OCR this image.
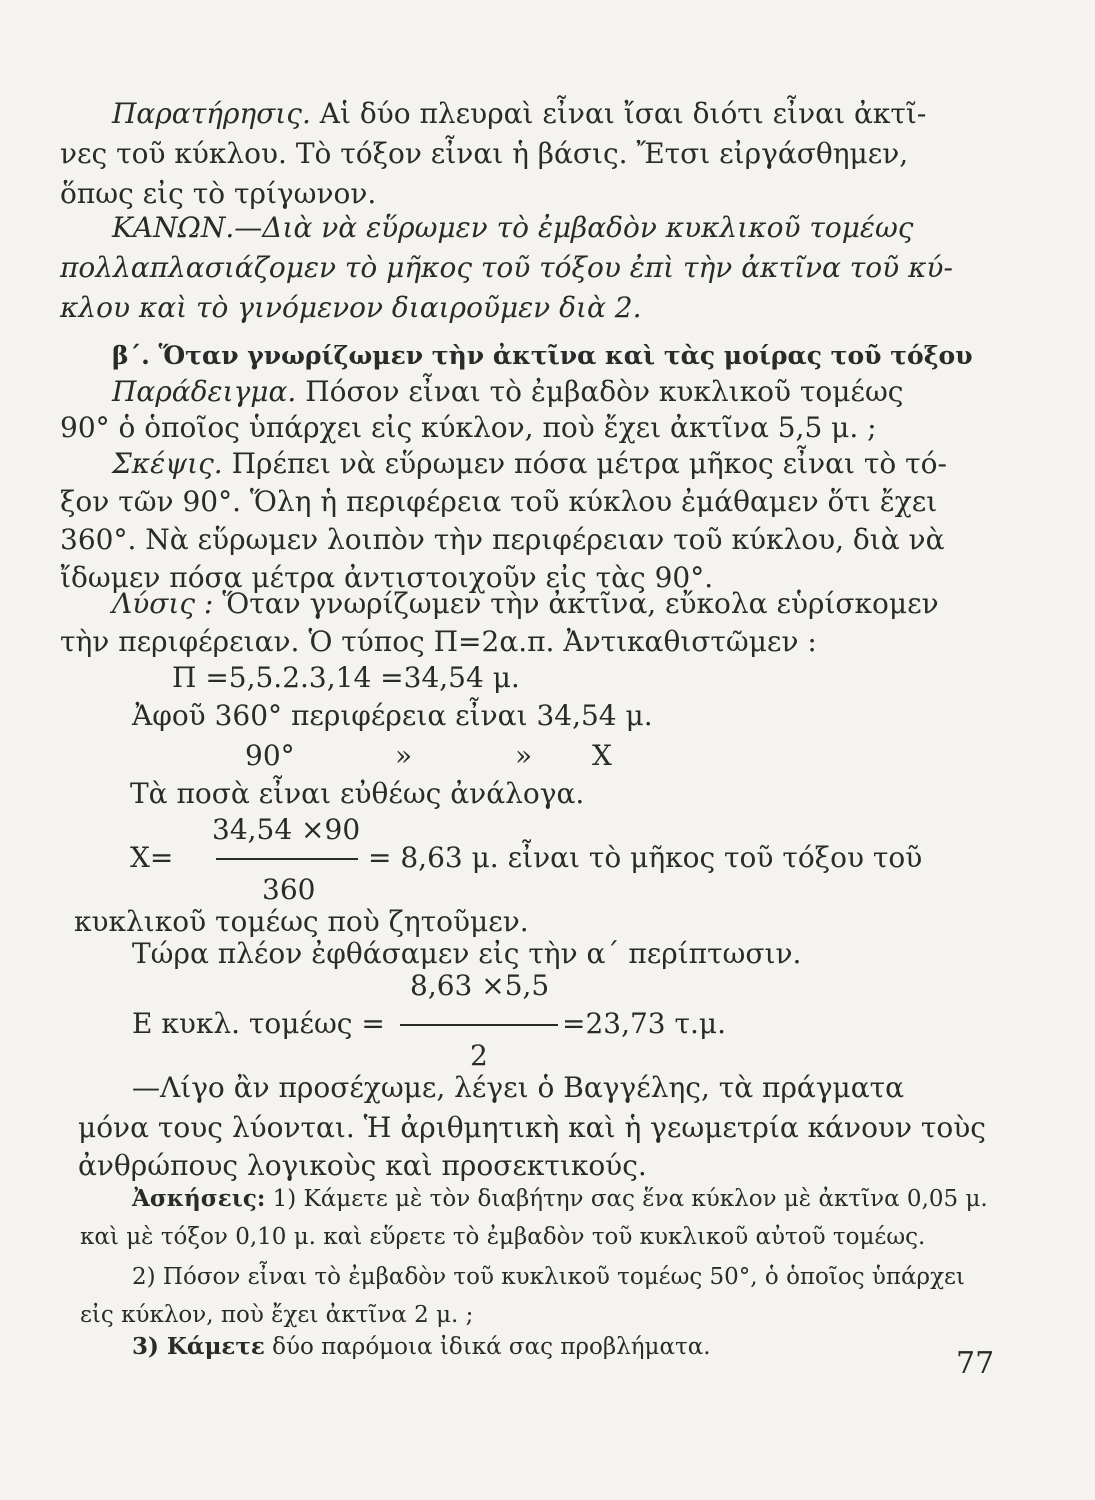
Παρατήρησις. Αἱ δύο πλευραὶ εἶναι ἴσαι διότι εἶναι ἀκτῖ-
νες τοῦ κύκλου. Τὸ τόξον εἶναι ἡ βάσις. Ἔτσι εἰργάσθημεν,
ὅπως εἰς τὸ τρίγωνον.
ΚΑΝΩΝ.—Διὰ νὰ εὕρωμεν τὸ ἐμβαδὸν κυκλικοῦ τομέως
πολλαπλασιάζομεν τὸ μῆκος τοῦ τόξου ἐπὶ τὴν ἀκτῖνα τοῦ κύ-
κλου καὶ τὸ γινόμενον διαιροῦμεν διὰ 2.
β΄. Ὅταν γνωρίζωμεν τὴν ἀκτῖνα καὶ τὰς μοίρας τοῦ τόξου
Παράδειγμα. Πόσον εἶναι τὸ ἐμβαδὸν κυκλικοῦ τομέως
90° ὁ ὁποῖος ὑπάρχει εἰς κύκλον, ποὺ ἔχει ἀκτῖνα 5,5 μ. ;
Σκέψις. Πρέπει νὰ εὕρωμεν πόσα μέτρα μῆκος εἶναι τὸ τό-
ξον τῶν 90°. Ὅλη ἡ περιφέρεια τοῦ κύκλου ἐμάθαμεν ὅτι ἔχει
360°. Νὰ εὕρωμεν λοιπὸν τὴν περιφέρειαν τοῦ κύκλου, διὰ νὰ
ἴδωμεν πόσα μέτρα ἀντιστοιχοῦν εἰς τὰς 90°.
Λύσις : Ὅταν γνωρίζωμεν τὴν ἀκτῖνα, εὔκολα εὑρίσκομεν
τὴν περιφέρειαν. Ὁ τύπος Π=2α.π. Ἀντικαθιστῶμεν :
Π =5,5.2.3,14 =34,54 μ.
Ἀφοῦ 360° περιφέρεια εἶναι 34,54 μ.
90°	»	» Χ
Τὰ ποσὰ εἶναι εὐθέως ἀνάλογα.
34,54 ×90
Χ=	= 8,63 μ. εἶναι τὸ μῆκος τοῦ τόξου τοῦ
360
κυκλικοῦ τομέως ποὺ ζητοῦμεν.
Τώρα πλέον ἐφθάσαμεν εἰς τὴν α΄ περίπτωσιν.
8,63 ×5,5
Ε κυκλ. τομέως =	=23,73 τ.μ.
2
—Λίγο ἂν προσέχωμε, λέγει ὁ Βαγγέλης, τὰ πράγματα
μόνα τους λύονται. Ἡ ἀριθμητικὴ καὶ ἡ γεωμετρία κάνουν τοὺς
ἀνθρώπους λογικοὺς καὶ προσεκτικούς.
Ἀσκήσεις: 1) Κάμετε μὲ τὸν διαβήτην σας ἕνα κύκλον μὲ ἀκτῖνα 0,05 μ.
καὶ μὲ τόξον 0,10 μ. καὶ εὕρετε τὸ ἐμβαδὸν τοῦ κυκλικοῦ αὐτοῦ τομέως.
2) Πόσον εἶναι τὸ ἐμβαδὸν τοῦ κυκλικοῦ τομέως 50°, ὁ ὁποῖος ὑπάρχει
εἰς κύκλον, ποὺ ἔχει ἀκτῖνα 2 μ. ;
3) Κάμετε δύο παρόμοια ἰδικά σας προβλήματα.	77
